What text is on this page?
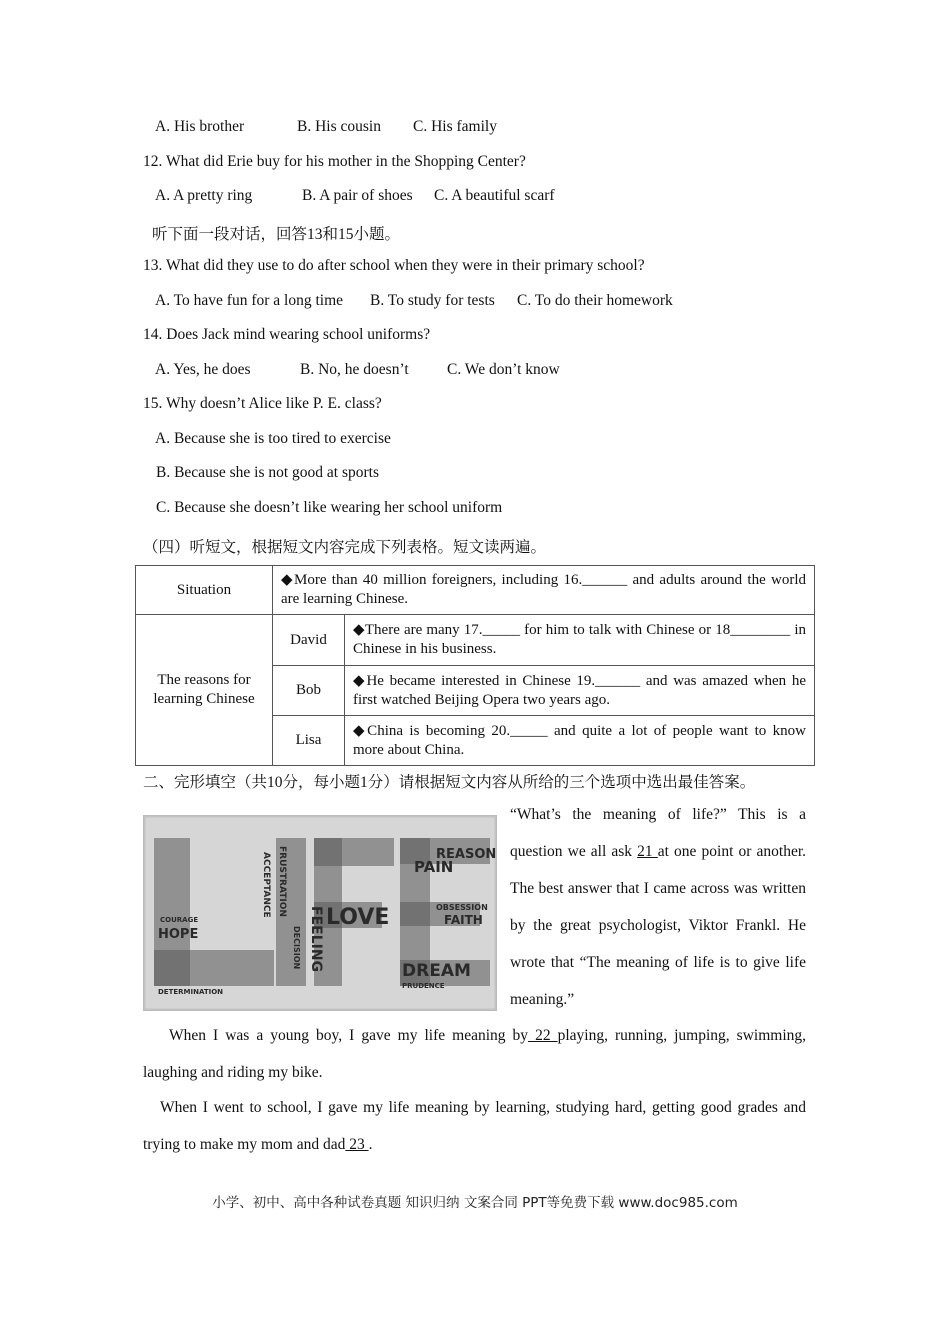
A. His brother	B. His cousin C. His family
12. What did Erie buy for his mother in the Shopping Center?
A. A pretty ring	B. A pair of shoes C. A beautiful scarf
听下面一段对话，回答13和15小题。
13. What did they use to do after school when they were in their primary school?
A. To have fun for a long time B. To study for tests C. To do their homework
14. Does Jack mind wearing school uniforms?
A. Yes, he does	B. No, he doesn’t C. We don’t know
15. Why doesn’t Alice like P. E. class?
A. Because she is too tired to exercise
B. Because she is not good at sports
C. Because she doesn’t like wearing her school uniform
（四）听短文，根据短文内容完成下列表格。短文读两遍。
Situation	◆More than 40 million foreigners, including 16.______ and adults around the world are learning Chinese.	
The reasons for learning Chinese	David	◆There are many 17._____ for him to talk with Chinese or 18________ in Chinese in his business.
	Bob	◆He became interested in Chinese 19.______ and was amazed when he first watched Beijing Opera two years ago.
	Lisa	◆China is becoming 20._____ and quite a lot of people want to know more about China.
二、完形填空（共10分，每小题1分）请根据短文内容从所给的三个选项中选出最佳答案。
HOPE
COURAGE	LOVE
FEELING	DREAM
REASON
PAIN
FAITH
OBSESSION
DETERMINATION
FRUSTRATION
DECISION
ACCEPTANCE
PRUDENCE
“What’s the meaning of life?” This is a question we all ask 21 at one point or another. The best answer that I came across was written by the great psychologist, Viktor Frankl. He wrote that “The meaning of life is to give life meaning.”
When I was a young boy, I gave my life meaning by 22 playing, running, jumping, swimming, laughing and riding my bike.
When I went to school, I gave my life meaning by learning, studying hard, getting good grades and trying to make my mom and dad 23 .
小学、初中、高中各种试卷真题 知识归纳 文案合同 PPT等免费下载 www.doc985.com
